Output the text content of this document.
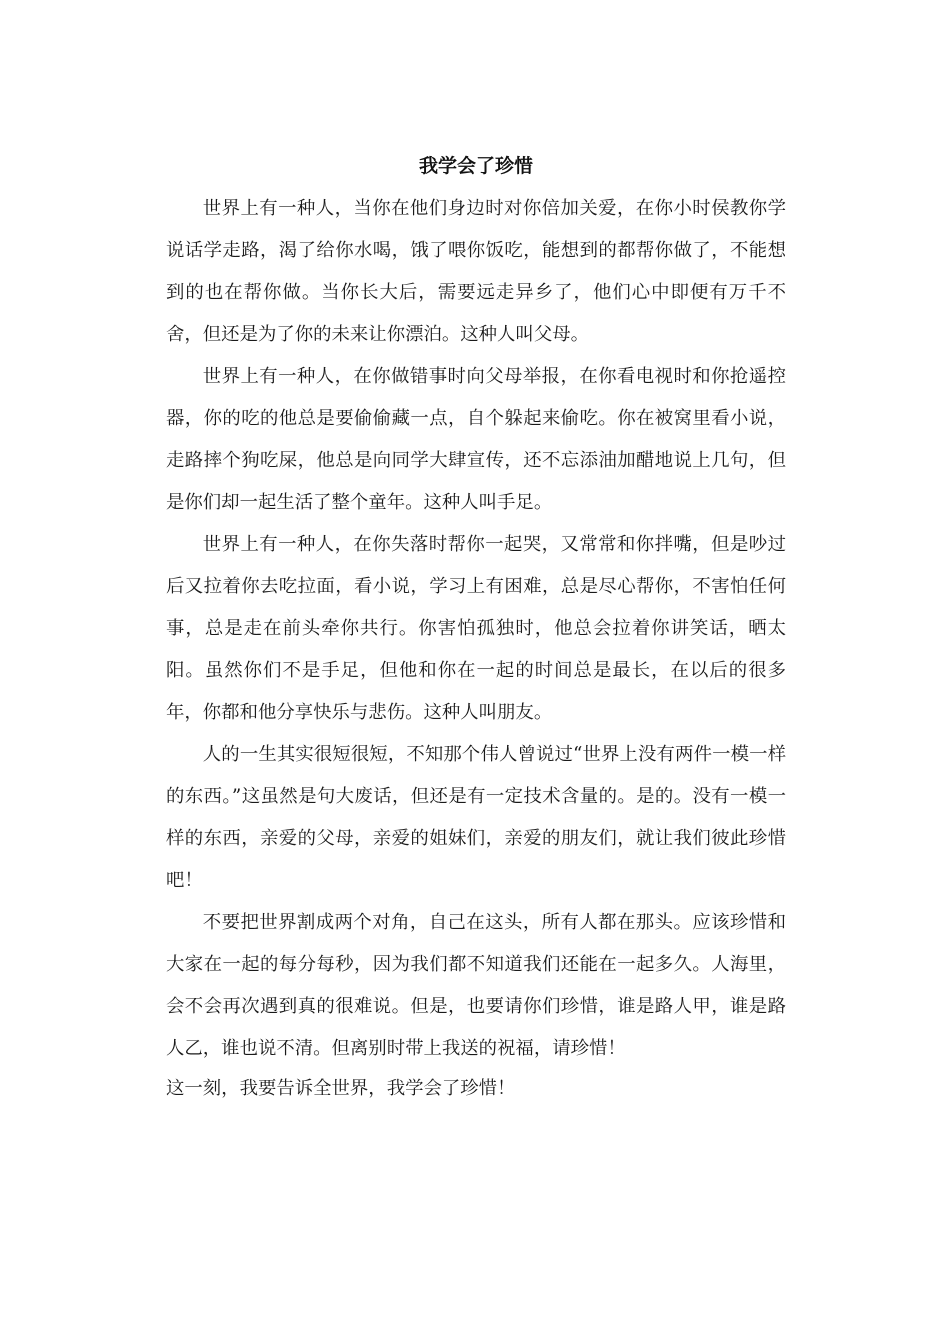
我学会了珍惜

世界上有一种人，当你在他们身边时对你倍加关爱，在你小时侯教你学说话学走路，渴了给你水喝，饿了喂你饭吃，能想到的都帮你做了，不能想到的也在帮你做。当你长大后，需要远走异乡了，他们心中即便有万千不舍，但还是为了你的未来让你漂泊。这种人叫父母。

世界上有一种人，在你做错事时向父母举报，在你看电视时和你抢遥控器，你的吃的他总是要偷偷藏一点，自个躲起来偷吃。你在被窝里看小说，走路摔个狗吃屎，他总是向同学大肆宣传，还不忘添油加醋地说上几句，但是你们却一起生活了整个童年。这种人叫手足。

世界上有一种人，在你失落时帮你一起哭，又常常和你拌嘴，但是吵过后又拉着你去吃拉面，看小说，学习上有困难，总是尽心帮你，不害怕任何事，总是走在前头牵你共行。你害怕孤独时，他总会拉着你讲笑话，晒太阳。虽然你们不是手足，但他和你在一起的时间总是最长，在以后的很多年，你都和他分享快乐与悲伤。这种人叫朋友。

人的一生其实很短很短，不知那个伟人曾说过“世界上没有两件一模一样的东西。”这虽然是句大废话，但还是有一定技术含量的。是的。没有一模一样的东西，亲爱的父母，亲爱的姐妹们，亲爱的朋友们，就让我们彼此珍惜吧！

不要把世界割成两个对角，自己在这头，所有人都在那头。应该珍惜和大家在一起的每分每秒，因为我们都不知道我们还能在一起多久。人海里，会不会再次遇到真的很难说。但是，也要请你们珍惜，谁是路人甲，谁是路人乙，谁也说不清。但离别时带上我送的祝福，请珍惜！

这一刻，我要告诉全世界，我学会了珍惜！
